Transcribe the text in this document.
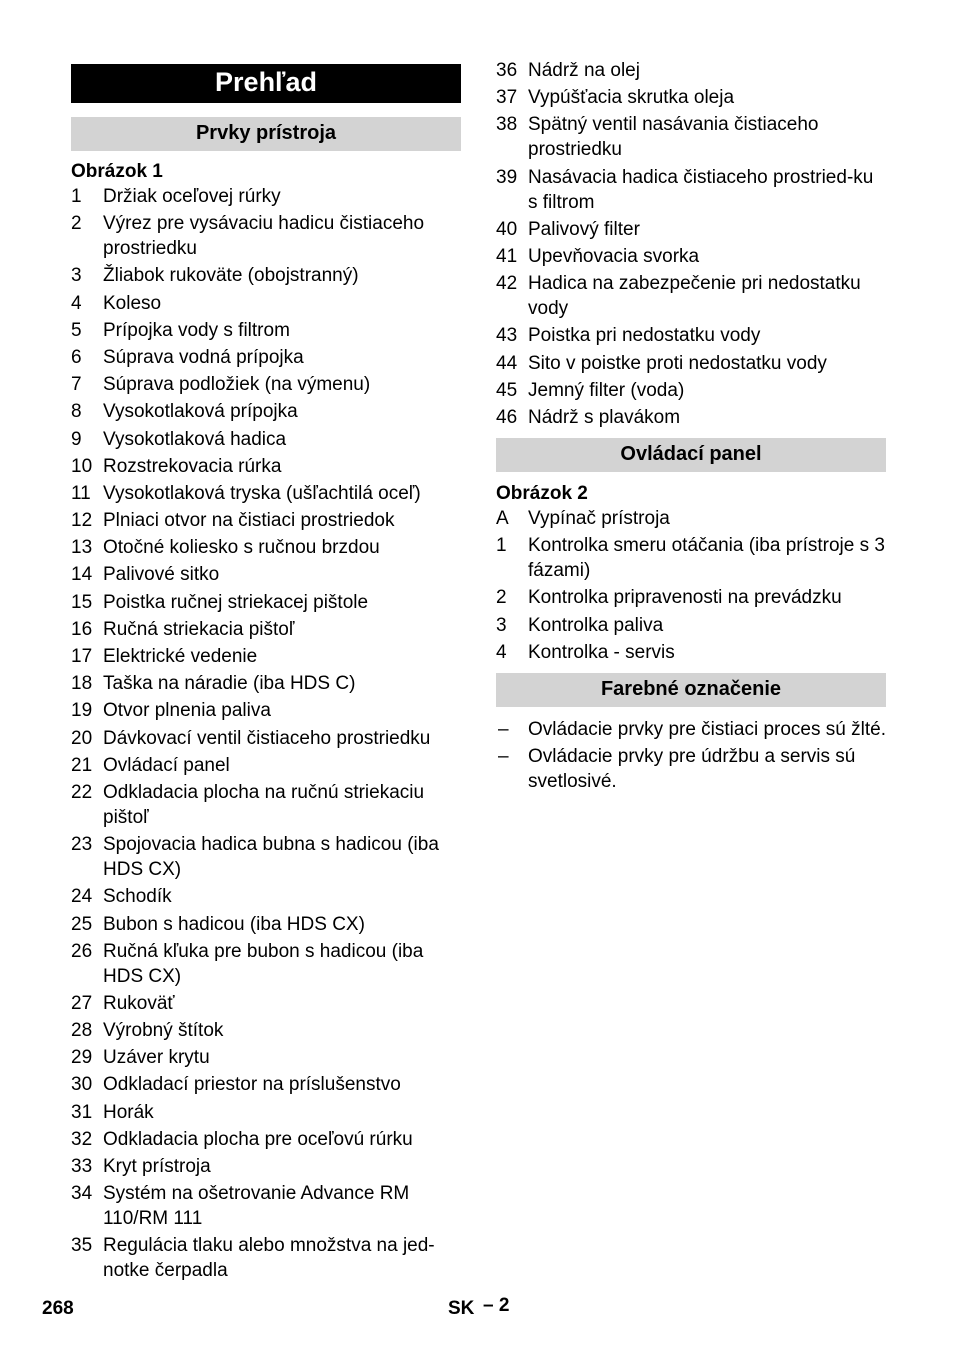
Prehľad
Prvky prístroja
Obrázok 1
1	Držiak oceľovej rúrky
2	Výrez pre vysávaciu hadicu čistiaceho prostriedku
3	Žliabok rukoväte (obojstranný)
4	Koleso
5	Prípojka vody s filtrom
6	Súprava vodná prípojka
7	Súprava podložiek (na výmenu)
8	Vysokotlaková prípojka
9	Vysokotlaková hadica
10 Rozstrekovacia rúrka
11 Vysokotlaková tryska (ušľachtilá oceľ)
12 Plniaci otvor na čistiaci prostriedok
13 Otočné koliesko s ručnou brzdou
14 Palivové sitko
15 Poistka ručnej striekacej pištole
16 Ručná striekacia pištoľ
17 Elektrické vedenie
18 Taška na náradie (iba HDS C)
19 Otvor plnenia paliva
20 Dávkovací ventil čistiaceho prostriedku
21 Ovládací panel
22 Odkladacia plocha na ručnú striekaciu pištoľ
23 Spojovacia hadica bubna s hadicou (iba HDS CX)
24 Schodík
25 Bubon s hadicou (iba HDS CX)
26 Ručná kľuka pre bubon s hadicou (iba HDS CX)
27 Rukoväť
28 Výrobný štítok
29 Uzáver krytu
30 Odkladací priestor na príslušenstvo
31 Horák
32 Odkladacia plocha pre oceľovú rúrku
33 Kryt prístroja
34 Systém na ošetrovanie Advance RM 110/RM 111
35 Regulácia tlaku alebo množstva na jed-notke čerpadla
36 Nádrž na olej
37 Vypúšťacia skrutka oleja
38 Spätný ventil nasávania čistiaceho prostriedku
39 Nasávacia hadica čistiaceho prostried-ku s filtrom
40 Palivový filter
41 Upevňovacia svorka
42 Hadica na zabezpečenie pri nedostatku vody
43 Poistka pri nedostatku vody
44 Sito v poistke proti nedostatku vody
45 Jemný filter (voda)
46 Nádrž s plavákom
Ovládací panel
Obrázok 2
A	Vypínač prístroja
1	Kontrolka smeru otáčania (iba prístroje s 3 fázami)
2	Kontrolka pripravenosti na prevádzku
3	Kontrolka paliva
4	Kontrolka - servis
Farebné označenie
–	Ovládacie prvky pre čistiaci proces sú žlté.
–	Ovládacie prvky pre údržbu a servis sú svetlosivé.
268	SK – 2
